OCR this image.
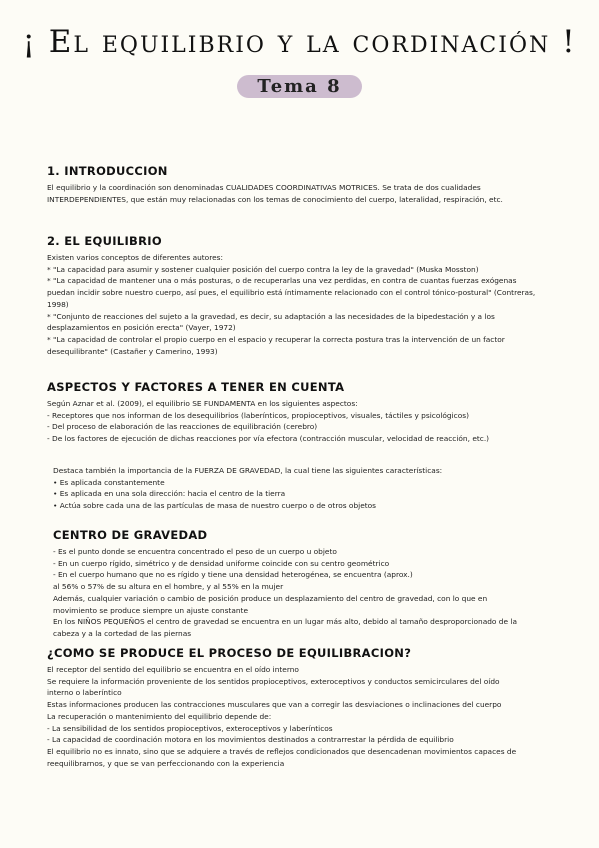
¡ El equilibrio y la cordinación !
Tema 8
1. INTRODUCCION
El equilibrio y la coordinación son denominadas CUALIDADES COORDINATIVAS MOTRICES. Se trata de dos cualidades
INTERDEPENDIENTES, que están muy relacionadas con los temas de conocimiento del cuerpo, lateralidad, respiración, etc.
2. EL EQUILIBRIO
Existen varios conceptos de diferentes autores:
* "La capacidad para asumir y sostener cualquier posición del cuerpo contra la ley de la gravedad" (Muska Mosston)
* "La capacidad de mantener una o más posturas, o de recuperarlas una vez perdidas, en contra de cuantas fuerzas exógenas
puedan incidir sobre nuestro cuerpo, así pues, el equilibrio está íntimamente relacionado con el control tónico-postural" (Contreras,
1998)
* "Conjunto de reacciones del sujeto a la gravedad, es decir, su adaptación a las necesidades de la bipedestación y a los
desplazamientos en posición erecta" (Vayer, 1972)
* "La capacidad de controlar el propio cuerpo en el espacio y recuperar la correcta postura tras la intervención de un factor
desequilibrante" (Castañer y Camerino, 1993)
ASPECTOS Y FACTORES A TENER EN CUENTA
Según Aznar et al. (2009), el equilibrio SE FUNDAMENTA en los siguientes aspectos:
- Receptores que nos informan de los desequilibrios (laberínticos, propioceptivos, visuales, táctiles y psicológicos)
- Del proceso de elaboración de las reacciones de equilibración (cerebro)
- De los factores de ejecución de dichas reacciones por vía efectora (contracción muscular, velocidad de reacción, etc.)
Destaca también la importancia de la FUERZA DE GRAVEDAD, la cual tiene las siguientes características:
• Es aplicada constantemente
• Es aplicada en una sola dirección: hacia el centro de la tierra
• Actúa sobre cada una de las partículas de masa de nuestro cuerpo o de otros objetos
CENTRO DE GRAVEDAD
- Es el punto donde se encuentra concentrado el peso de un cuerpo u objeto
- En un cuerpo rígido, simétrico y de densidad uniforme coincide con su centro geométrico
- En el cuerpo humano que no es rígido y tiene una densidad heterogénea, se encuentra (aprox.)
al 56% o 57% de su altura en el hombre, y al 55% en la mujer
Además, cualquier variación o cambio de posición produce un desplazamiento del centro de gravedad, con lo que en
movimiento se produce siempre un ajuste constante
En los NIÑOS PEQUEÑOS el centro de gravedad se encuentra en un lugar más alto, debido al tamaño desproporcionado de la
cabeza y a la cortedad de las piernas
¿COMO SE PRODUCE EL PROCESO DE EQUILIBRACION?
El receptor del sentido del equilibrio se encuentra en el oído interno
Se requiere la información proveniente de los sentidos propioceptivos, exteroceptivos y conductos semicirculares del oído
interno o laberíntico
Estas informaciones producen las contracciones musculares que van a corregir las desviaciones o inclinaciones del cuerpo
La recuperación o mantenimiento del equilibrio depende de:
- La sensibilidad de los sentidos propioceptivos, exteroceptivos y laberínticos
- La capacidad de coordinación motora en los movimientos destinados a contrarrestar la pérdida de equilibrio
El equilibrio no es innato, sino que se adquiere a través de reflejos condicionados que desencadenan movimientos capaces de
reequilibrarnos, y que se van perfeccionando con la experiencia
